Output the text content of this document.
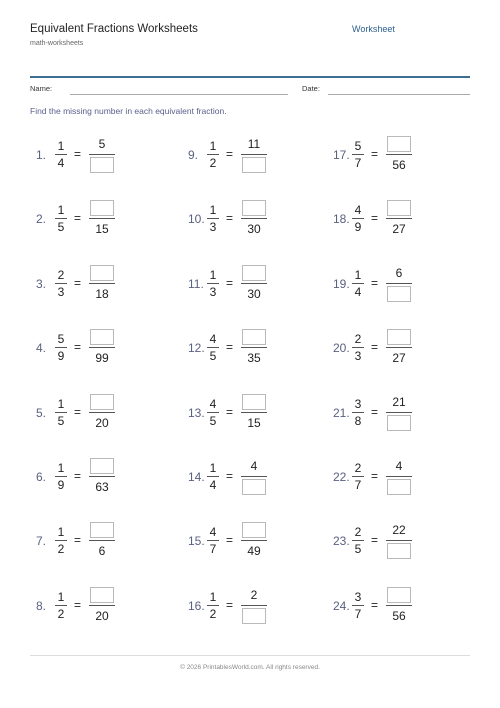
Equivalent Fractions Worksheets
math-worksheets
Worksheet
Name:	Date:
Find the missing number in each equivalent fraction.
1.
1
4
=
5
2.
1
5
=
15
3.
2
3
=
18
4.
5
9
=
99
5.
1
5
=
20
6.
1
9
=
63
7.
1
2
=
6
8.
1
2
=
20
9.
1
2
=
11
10.
1
3
=
30
11.
1
3
=
30
12.
4
5
=
35
13.
4
5
=
15
14.
1
4
=
4
15.
4
7
=
49
16.
1
2
=
2
17.
5
7
=
56
18.
4
9
=
27
19.
1
4
=
6
20.
2
3
=
27
21.
3
8
=
21
22.
2
7
=
4
23.
2
5
=
22
24.
3
7
=
56
© 2026 PrintablesWorld.com. All rights reserved.
